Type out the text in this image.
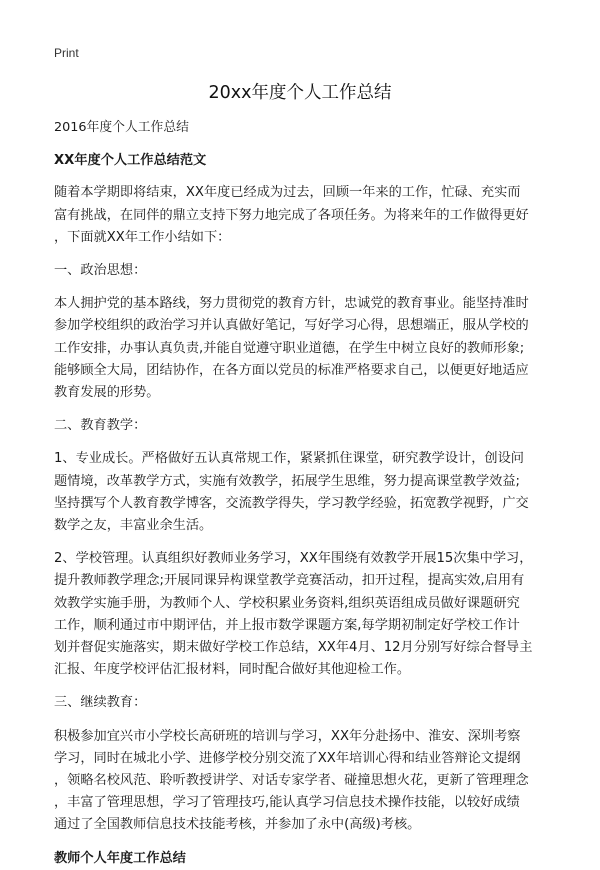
Print
20xx年度个人工作总结

2016年度个人工作总结

XX年度个人工作总结范文

随着本学期即将结束，XX年度已经成为过去，回顾一年来的工作，忙碌、充实而
富有挑战，在同伴的鼎立支持下努力地完成了各项任务。为将来年的工作做得更好
，下面就XX年工作小结如下：

一、政治思想：

本人拥护党的基本路线，努力贯彻党的教育方针，忠诚党的教育事业。能坚持准时
参加学校组织的政治学习并认真做好笔记，写好学习心得，思想端正，服从学校的
工作安排，办事认真负责,并能自觉遵守职业道德，在学生中树立良好的教师形象;
能够顾全大局，团结协作，在各方面以党员的标准严格要求自己，以便更好地适应
教育发展的形势。

二、教育教学：

1、专业成长。严格做好五认真常规工作，紧紧抓住课堂，研究教学设计，创设问
题情境，改革教学方式，实施有效教学，拓展学生思维，努力提高课堂教学效益;
坚持撰写个人教育教学博客，交流教学得失，学习教学经验，拓宽教学视野，广交
数学之友，丰富业余生活。
2、学校管理。认真组织好教师业务学习，XX年围绕有效教学开展15次集中学习，
提升教师教学理念;开展同课异构课堂教学竞赛活动，扣开过程，提高实效,启用有
效教学实施手册，为教师个人、学校积累业务资料,组织英语组成员做好课题研究
工作，顺利通过市中期评估，并上报市数学课题方案,每学期初制定好学校工作计
划并督促实施落实，期末做好学校工作总结，XX年4月、12月分别写好综合督导主
汇报、年度学校评估汇报材料，同时配合做好其他迎检工作。

三、继续教育：

积极参加宜兴市小学校长高研班的培训与学习，XX年分赴扬中、淮安、深圳考察
学习，同时在城北小学、进修学校分别交流了XX年培训心得和结业答辩论文提纲
，领略名校风范、聆听教授讲学、对话专家学者、碰撞思想火花，更新了管理理念
，丰富了管理思想，学习了管理技巧,能认真学习信息技术操作技能，以较好成绩
通过了全国教师信息技术技能考核，并参加了永中(高级)考核。

教师个人年度工作总结
